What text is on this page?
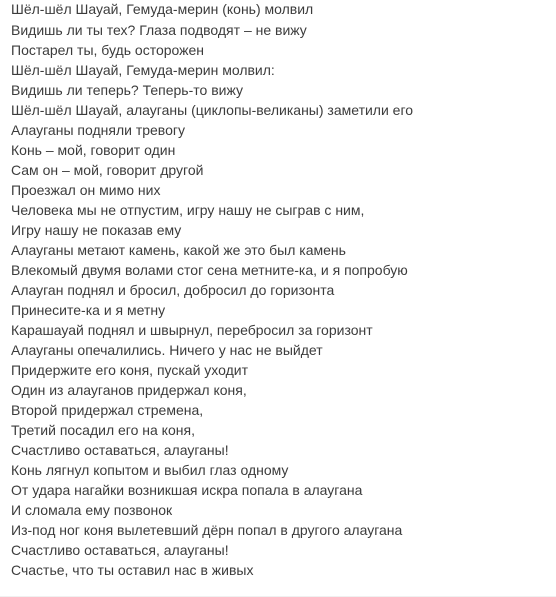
Шёл-шёл Шауай, Гемуда-мерин (конь) молвил
Видишь ли ты тех? Глаза подводят – не вижу
Постарел ты, будь осторожен
Шёл-шёл Шауай, Гемуда-мерин молвил:
Видишь ли теперь? Теперь-то вижу
Шёл-шёл Шауай, алауганы (циклопы-великаны) заметили его
Алауганы подняли тревогу
Конь – мой, говорит один
Сам он – мой, говорит другой
Проезжал он мимо них
Человека мы не отпустим, игру нашу не сыграв с ним,
Игру нашу не показав ему
Алауганы метают камень, какой же это был камень
Влекомый двумя волами стог сена метните-ка, и я попробую
Алауган поднял и бросил, добросил до горизонта
Принесите-ка и я метну
Карашауай поднял и швырнул, перебросил за горизонт
Алауганы опечалились. Ничего у нас не выйдет
Придержите его коня, пускай уходит
Один из алауганов придержал коня,
Второй придержал стремена,
Третий посадил его на коня,
Счастливо оставаться, алауганы!
Конь лягнул копытом и выбил глаз одному
От удара нагайки возникшая искра попала в алаугана
И сломала ему позвонок
Из-под ног коня вылетевший дёрн попал в другого алаугана
Счастливо оставаться, алауганы!
Счастье, что ты оставил нас в живых
